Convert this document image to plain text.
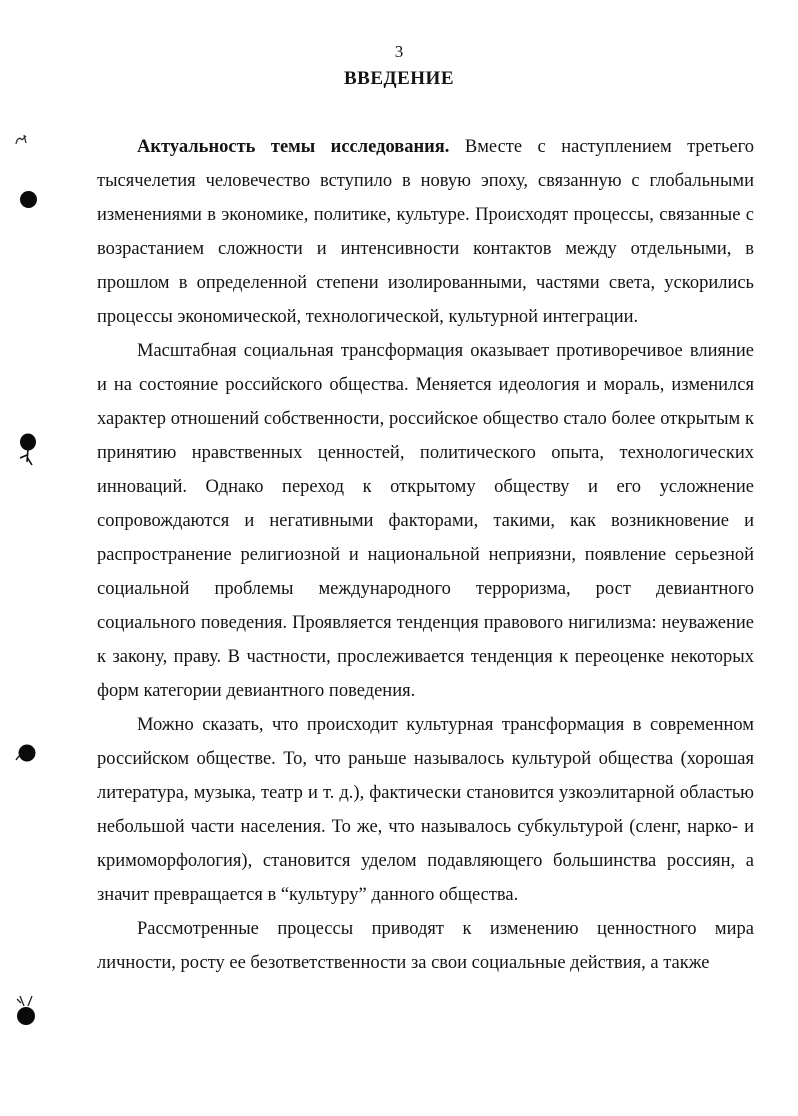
3
ВВЕДЕНИЕ

Актуальность темы исследования. Вместе с наступлением третьего тысячелетия человечество вступило в новую эпоху, связанную с глобальными изменениями в экономике, политике, культуре. Происходят процессы, связанные с возрастанием сложности и интенсивности контактов между отдельными, в прошлом в определенной степени изолированными, частями света, ускорились процессы экономической, технологической, культурной интеграции.

Масштабная социальная трансформация оказывает противоречивое влияние и на состояние российского общества. Меняется идеология и мораль, изменился характер отношений собственности, российское общество стало более открытым к принятию нравственных ценностей, политического опыта, технологических инноваций. Однако переход к открытому обществу и его усложнение сопровождаются и негативными факторами, такими, как возникновение и распространение религиозной и национальной неприязни, появление серьезной социальной проблемы международного терроризма, рост девиантного социального поведения. Проявляется тенденция правового нигилизма: неуважение к закону, праву. В частности, прослеживается тенденция к переоценке некоторых форм категории девиантного поведения.

Можно сказать, что происходит культурная трансформация в современном российском обществе. То, что раньше называлось культурой общества (хорошая литература, музыка, театр и т. д.), фактически становится узкоэлитарной областью небольшой части населения. То же, что называлось субкультурой (сленг, нарко- и кримоморфология), становится уделом подавляющего большинства россиян, а значит превращается в “культуру” данного общества.

Рассмотренные процессы приводят к изменению ценностного мира личности, росту ее безответственности за свои социальные действия, а также
